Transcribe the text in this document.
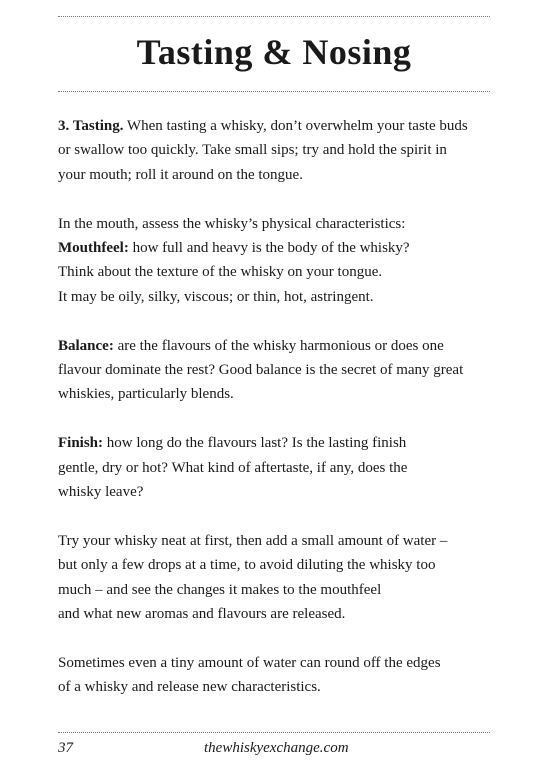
Tasting & Nosing

3. Tasting. When tasting a whisky, don’t overwhelm your taste buds
or swallow too quickly. Take small sips; try and hold the spirit in
your mouth; roll it around on the tongue.

In the mouth, assess the whisky’s physical characteristics:
Mouthfeel: how full and heavy is the body of the whisky?
Think about the texture of the whisky on your tongue.
It may be oily, silky, viscous; or thin, hot, astringent.

Balance: are the flavours of the whisky harmonious or does one
flavour dominate the rest? Good balance is the secret of many great
whiskies, particularly blends.

Finish: how long do the flavours last? Is the lasting finish
gentle, dry or hot? What kind of aftertaste, if any, does the
whisky leave?

Try your whisky neat at first, then add a small amount of water –
but only a few drops at a time, to avoid diluting the whisky too
much – and see the changes it makes to the mouthfeel
and what new aromas and flavours are released.

Sometimes even a tiny amount of water can round off the edges
of a whisky and release new characteristics.

37	thewhiskyexchange.com
